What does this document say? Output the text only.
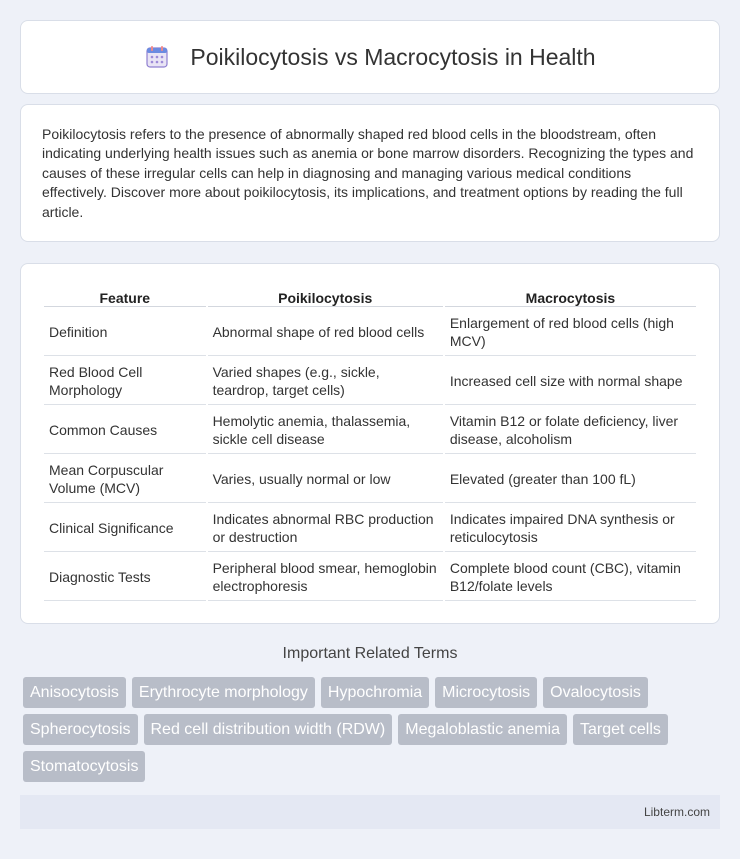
Poikilocytosis vs Macrocytosis in Health

Poikilocytosis refers to the presence of abnormally shaped red blood cells in the bloodstream, often indicating underlying health issues such as anemia or bone marrow disorders. Recognizing the types and causes of these irregular cells can help in diagnosing and managing various medical conditions effectively. Discover more about poikilocytosis, its implications, and treatment options by reading the full article.

Feature	Poikilocytosis	Macrocytosis
Definition	Abnormal shape of red blood cells	Enlargement of red blood cells (high MCV)
Red Blood Cell Morphology	Varied shapes (e.g., sickle, teardrop, target cells)	Increased cell size with normal shape
Common Causes	Hemolytic anemia, thalassemia, sickle cell disease	Vitamin B12 or folate deficiency, liver disease, alcoholism
Mean Corpuscular Volume (MCV)	Varies, usually normal or low	Elevated (greater than 100 fL)
Clinical Significance	Indicates abnormal RBC production or destruction	Indicates impaired DNA synthesis or reticulocytosis
Diagnostic Tests	Peripheral blood smear, hemoglobin electrophoresis	Complete blood count (CBC), vitamin B12/folate levels
Important Related Terms
Anisocytosis	Erythrocyte morphology	Hypochromia	Microcytosis	Ovalocytosis
Spherocytosis	Red cell distribution width (RDW)	Megaloblastic anemia	Target cells
Stomatocytosis
Libterm.com
